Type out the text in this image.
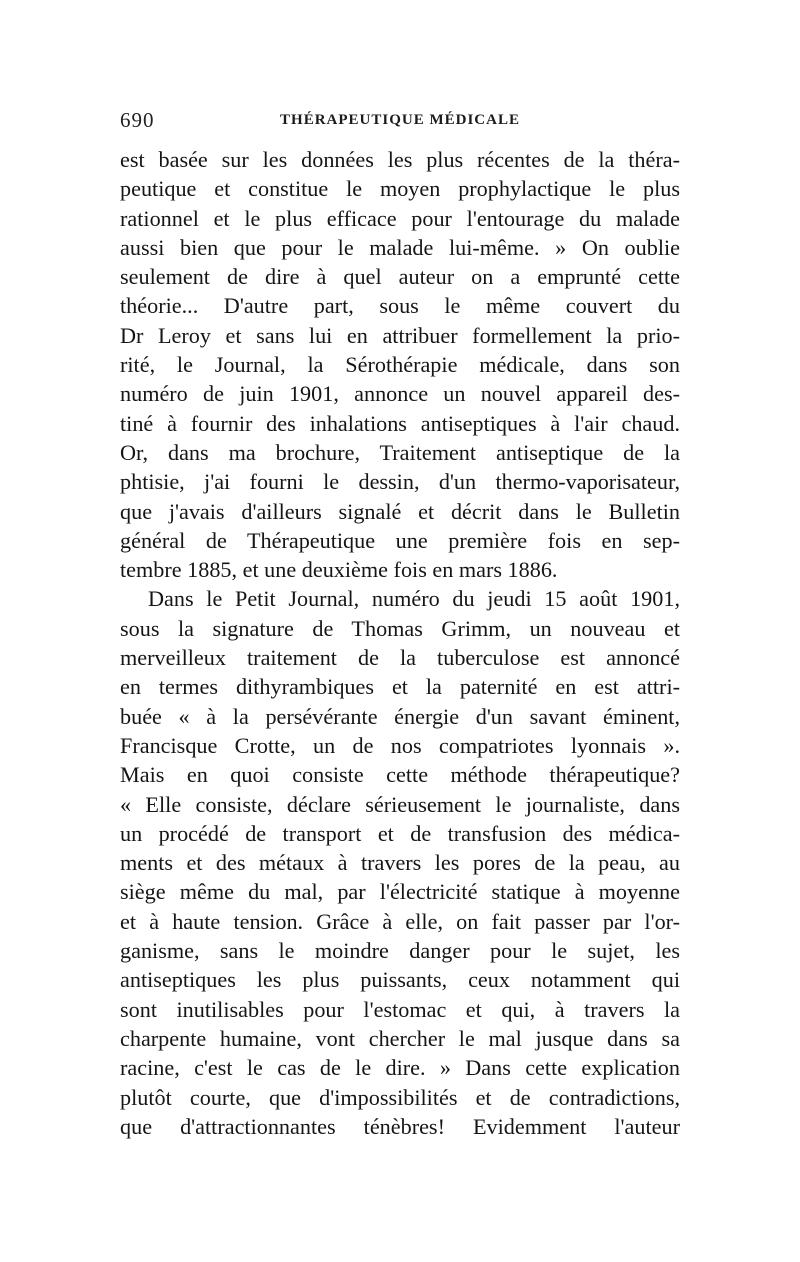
690	THÉRAPEUTIQUE MÉDICALE
est basée sur les données les plus récentes de la théra-
peutique et constitue le moyen prophylactique le plus
rationnel et le plus efficace pour l'entourage du malade
aussi bien que pour le malade lui-même. » On oublie
seulement de dire à quel auteur on a emprunté cette
théorie... D'autre part, sous le même couvert du
Dr Leroy et sans lui en attribuer formellement la prio-
rité, le Journal, la Sérothérapie médicale, dans son
numéro de juin 1901, annonce un nouvel appareil des-
tiné à fournir des inhalations antiseptiques à l'air chaud.
Or, dans ma brochure, Traitement antiseptique de la
phtisie, j'ai fourni le dessin, d'un thermo-vaporisateur,
que j'avais d'ailleurs signalé et décrit dans le Bulletin
général de Thérapeutique une première fois en sep-
tembre 1885, et une deuxième fois en mars 1886.
Dans le Petit Journal, numéro du jeudi 15 août 1901,
sous la signature de Thomas Grimm, un nouveau et
merveilleux traitement de la tuberculose est annoncé
en termes dithyrambiques et la paternité en est attri-
buée « à la persévérante énergie d'un savant éminent,
Francisque Crotte, un de nos compatriotes lyonnais ».
Mais en quoi consiste cette méthode thérapeutique?
« Elle consiste, déclare sérieusement le journaliste, dans
un procédé de transport et de transfusion des médica-
ments et des métaux à travers les pores de la peau, au
siège même du mal, par l'électricité statique à moyenne
et à haute tension. Grâce à elle, on fait passer par l'or-
ganisme, sans le moindre danger pour le sujet, les
antiseptiques les plus puissants, ceux notamment qui
sont inutilisables pour l'estomac et qui, à travers la
charpente humaine, vont chercher le mal jusque dans sa
racine, c'est le cas de le dire. » Dans cette explication
plutôt courte, que d'impossibilités et de contradictions,
que d'attractionnantes ténèbres! Evidemment l'auteur
